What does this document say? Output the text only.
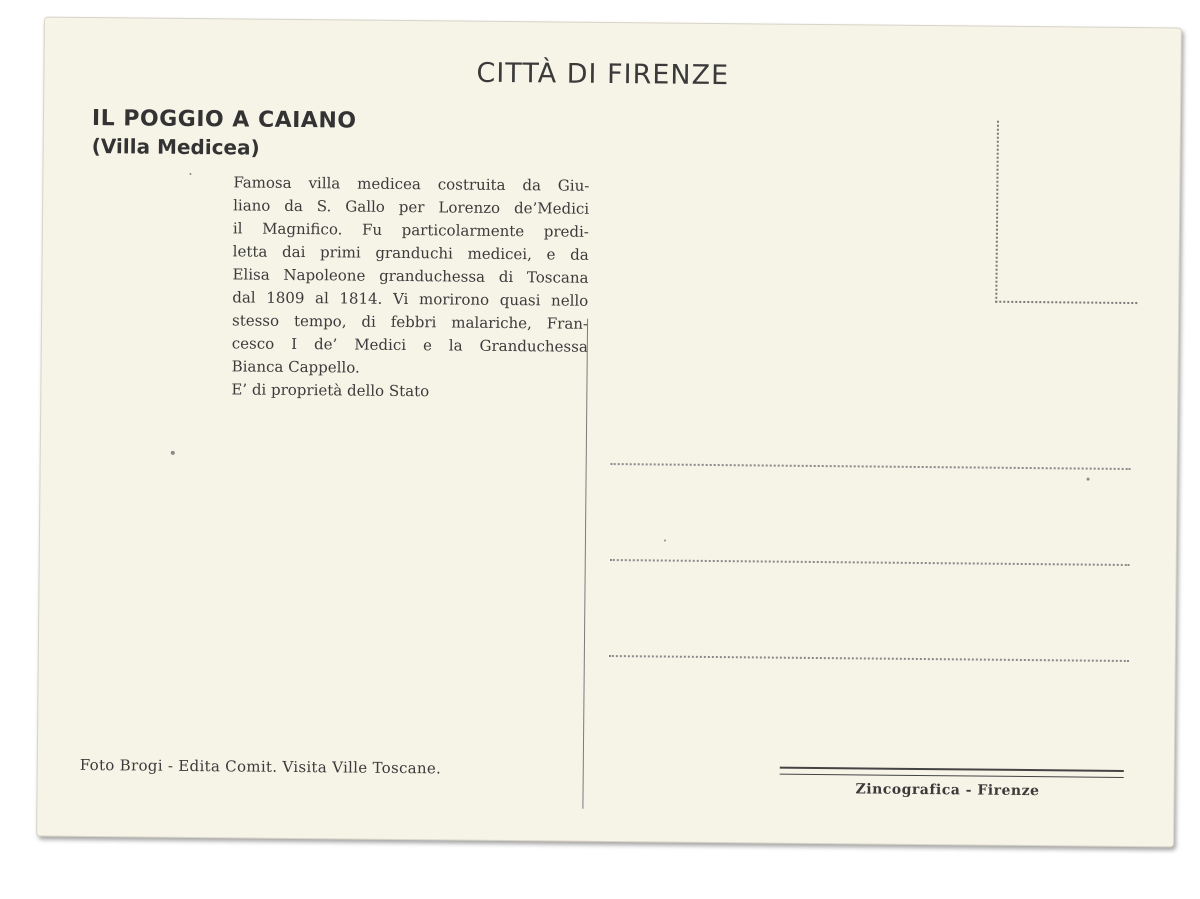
CITTÀ DI FIRENZE
IL POGGIO A CAIANO
(Villa Medicea)
Famosa villa medicea costruita da Giu-
liano da S. Gallo per Lorenzo de’Medici
il Magnifico. Fu particolarmente predi-
letta dai primi granduchi medicei, e da
Elisa Napoleone granduchessa di Toscana
dal 1809 al 1814. Vi morirono quasi nello
stesso tempo, di febbri malariche, Fran-
cesco I de’ Medici e la Granduchessa
Bianca Cappello.
E’ di proprietà dello Stato
Foto Brogi - Edita Comit. Visita Ville Toscane.
Zincografica - Firenze
